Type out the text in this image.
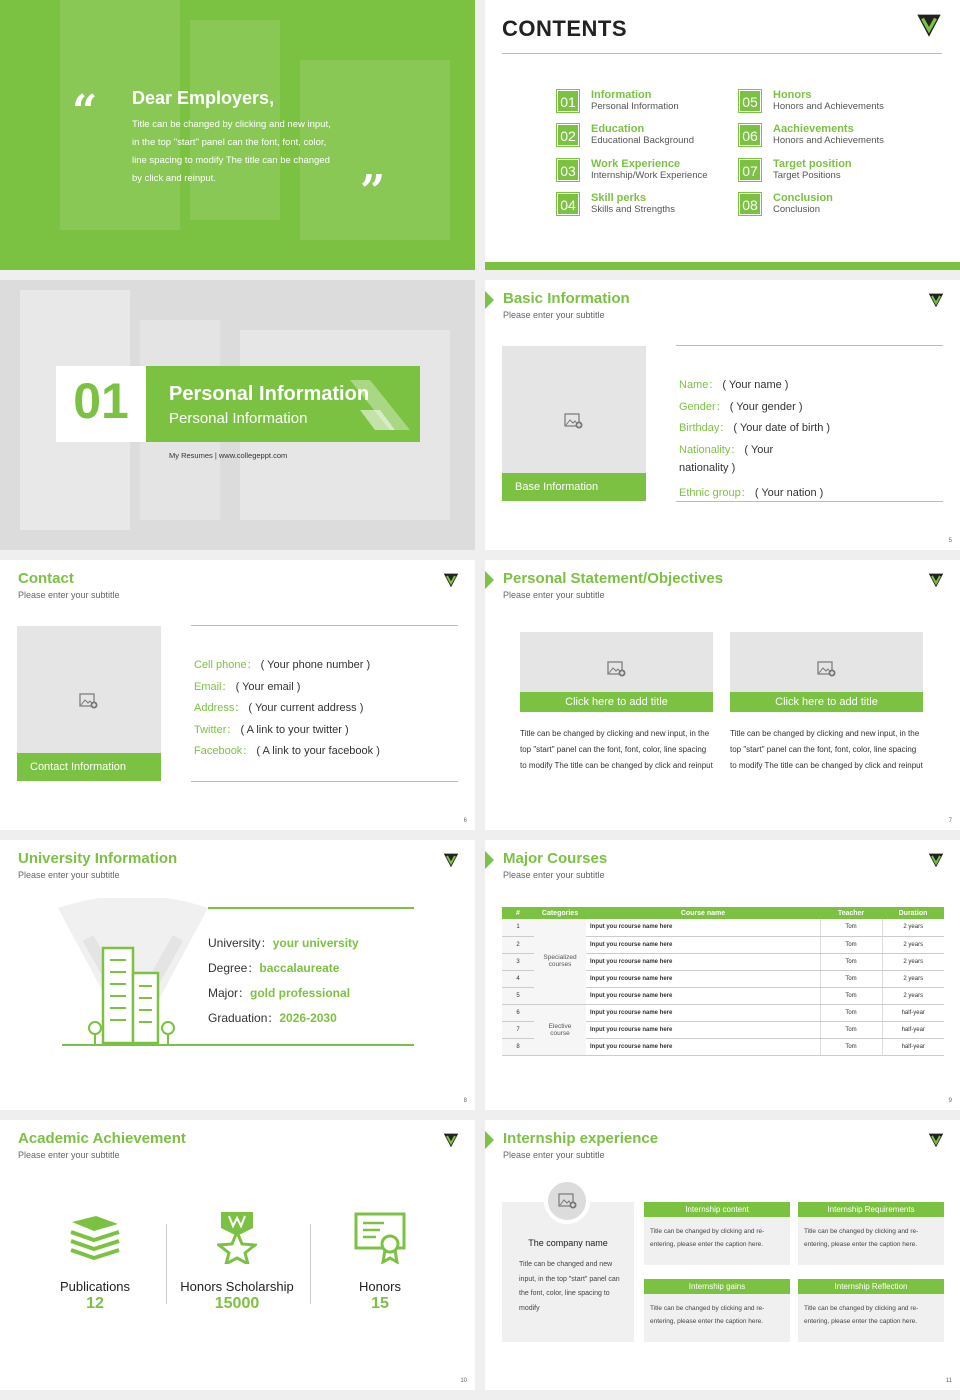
“ Dear Employers,
Title can be changed by clicking and new input, in the top "start" panel can the font, font, color, line spacing to modify The title can be changed by click and reinput.	”
CONTENTS
01 Information
Personal Information
02 Education
Educational Background
03 Work Experience
Internship/Work Experience
04 Skill perks
Skills and Strengths
05 Honors
Honors and Achievements
06 Aachievements
Honors and Achievements
07 Target position
Target Positions
08 Conclusion
Conclusion
01	Personal Information
Personal Information
My Resumes | www.collegeppt.com
Basic Information
Please enter your subtitle
Base Information
Name： ( Your name )
Gender： ( Your gender )
Birthday： ( Your date of birth )
Nationality： ( Your
nationality )
Ethnic group： ( Your nation )
5
Contact
Please enter your subtitle
Contact Information
Cell phone： ( Your phone number )
Email： ( Your email )
Address： ( Your current address )
Twitter： ( A link to your twitter )
Facebook： ( A link to your facebook )
6
Personal Statement/Objectives
Please enter your subtitle
Click here to add title
Title can be changed by clicking and new input, in the top "start" panel can the font, font, color, line spacing to modify The title can be changed by click and reinput
Click here to add title
Title can be changed by clicking and new input, in the top "start" panel can the font, font, color, line spacing to modify The title can be changed by click and reinput
7
University Information
Please enter your subtitle
University：your university
Degree：baccalaureate
Major：gold professional
Graduation：2026-2030
8
Major Courses
Please enter your subtitle
#	Categories	Course name	Teacher	Duration
1	Specialized courses	Input you rcourse name here	Tom	2 years
2		Input you rcourse name here	Tom	2 years
3		Input you rcourse name here	Tom	2 years
4		Input you rcourse name here	Tom	2 years
5		Input you rcourse name here	Tom	2 years
6	Elective course	Input you rcourse name here	Tom	half-year
7		Input you rcourse name here	Tom	half-year
8		Input you rcourse name here	Tom	half-year
9
Academic Achievement
Please enter your subtitle
Publications
12
Honors Scholarship
15000
Honors
15
10
Internship experience
Please enter your subtitle
The company name
Title can be changed and new input, in the top "start" panel can the font, color, line spacing to modify
Internship content
Title can be changed by clicking and re-entering, please enter the caption here.
Internship Requirements
Title can be changed by clicking and re-entering, please enter the caption here.
Internship gains
Title can be changed by clicking and re-entering, please enter the caption here.
Internship Reflection
Title can be changed by clicking and re-entering, please enter the caption here.
11
